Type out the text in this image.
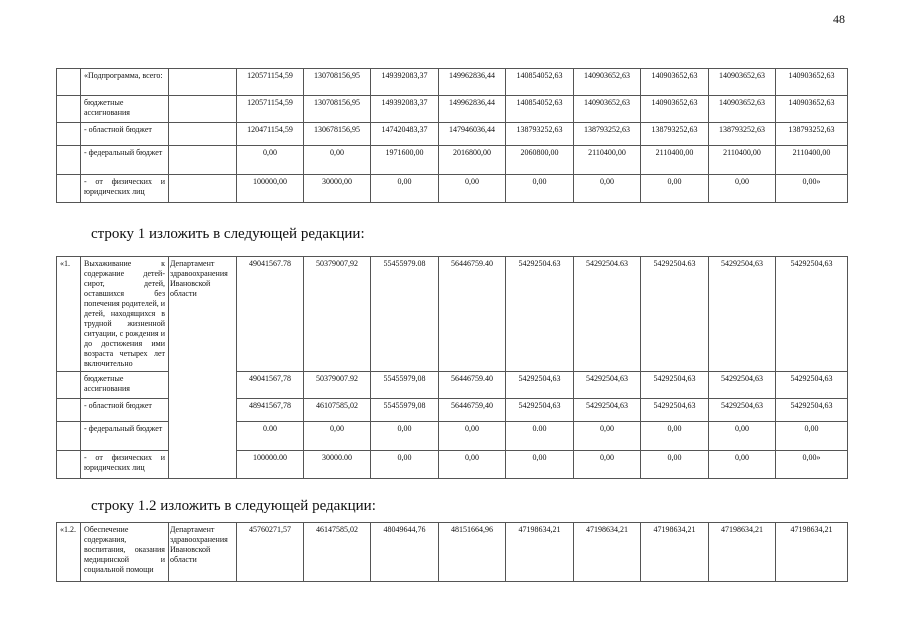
48
	«Подпрограмма, всего:		120571154,59	130708156,95	149392083,37	149962836,44	140854052,63	140903652,63	140903652,63	140903652,63	140903652,63
	бюджетные ассигнования		120571154,59	130708156,95	149392083,37	149962836,44	140854052,63	140903652,63	140903652,63	140903652,63	140903652,63
	- областной бюджет		120471154,59	130678156,95	147420483,37	147946036,44	138793252,63	138793252,63	138793252,63	138793252,63	138793252,63
	- федеральный бюджет		0,00	0,00	1971600,00	2016800,00	2060800,00	2110400,00	2110400,00	2110400,00	2110400,00
	- от физических и юридических лиц		100000,00	30000,00	0,00	0,00	0,00	0,00	0,00	0,00	0,00»
строку 1 изложить в следующей редакции:
«1.	Выхаживание к содержание детей-сирот, детей, оставшихся без попечения родителей, и детей, находящихся в трудной жизненной ситуации, с рождения и до достижения ими возраста четырех лет включительно	Департамент здравоохранения Ивановской области	49041567.78	50379007,92	55455979.08	56446759.40	54292504.63	54292504.63	54292504.63	54292504,63	54292504,63
	бюджетные ассигнования		49041567,78	50379007.92	55455979,08	56446759.40	54292504,63	54292504,63	54292504,63	54292504,63	54292504,63
	- областной бюджет		48941567,78	46107585,02	55455979,08	56446759,40	54292504,63	54292504,63	54292504,63	54292504,63	54292504,63
	- федеральный бюджет		0.00	0,00	0,00	0,00	0.00	0,00	0,00	0,00	0,00
	- от физических и юридических лиц		100000.00	30000.00	0,00	0,00	0,00	0,00	0,00	0,00	0,00»
строку 1.2 изложить в следующей редакции:
«1.2.	Обеспечение содержания, воспитания, оказания медицинской и социальной помощи	Департамент здравоохранения Ивановской области	45760271,57	46147585,02	48049644,76	48151664,96	47198634,21	47198634,21	47198634,21	47198634,21	47198634,21
